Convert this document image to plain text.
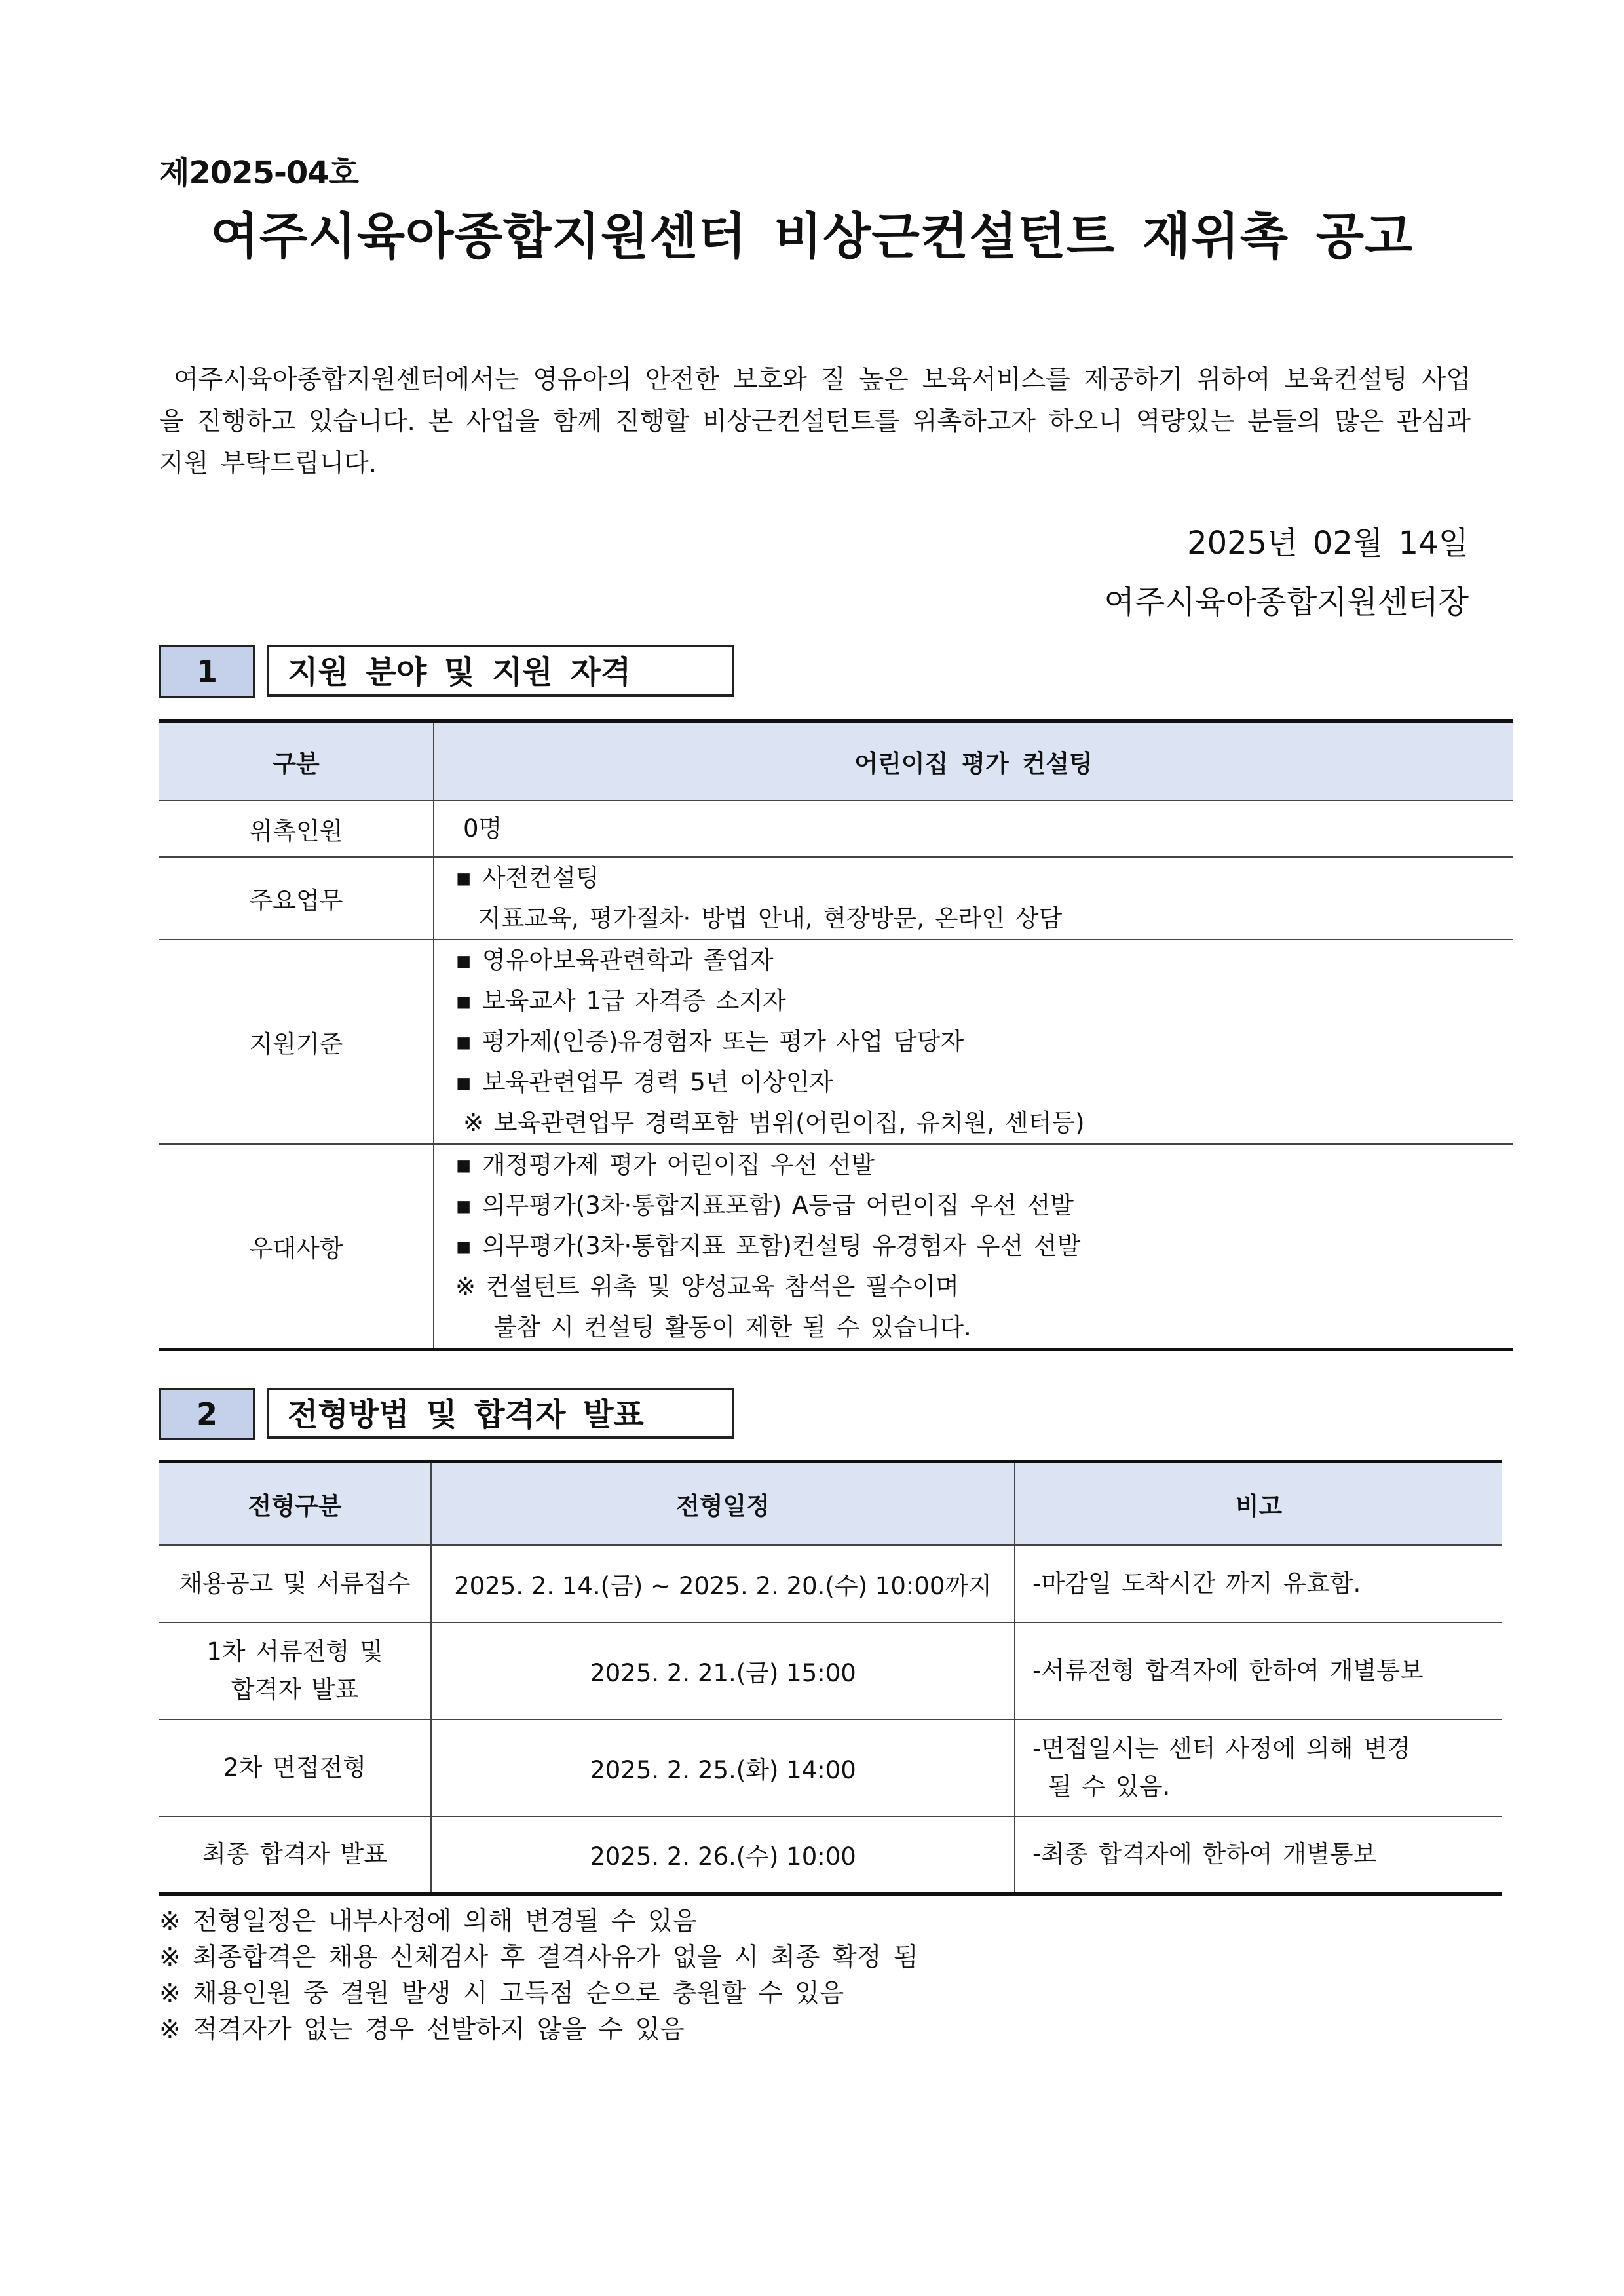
제2025-04호
여주시육아종합지원센터 비상근컨설턴트 재위촉 공고
여주시육아종합지원센터에서는 영유아의 안전한 보호와 질 높은 보육서비스를 제공하기 위하여 보육컨설팅 사업을 진행하고 있습니다. 본 사업을 함께 진행할 비상근컨설턴트를 위촉하고자 하오니 역량있는 분들의 많은 관심과 지원 부탁드립니다.
2025년 02월 14일
여주시육아종합지원센터장
1	지원 분야 및 지원 자격
구분	어린이집 평가 컨설팅
위촉인원	0명

주요업무	▪ 사전컨설팅
지표교육, 평가절차· 방법 안내, 현장방문, 온라인 상담

지원기준	▪ 영유아보육관련학과 졸업자
▪ 보육교사 1급 자격증 소지자
▪ 평가제(인증)유경험자 또는 평가 사업 담당자
▪ 보육관련업무 경력 5년 이상인자
※ 보육관련업무 경력포함 범위(어린이집, 유치원, 센터등)

우대사항	▪ 개정평가제 평가 어린이집 우선 선발
▪ 의무평가(3차·통합지표포함) A등급 어린이집 우선 선발
▪ 의무평가(3차·통합지표 포함)컨설팅 유경험자 우선 선발
※ 컨설턴트 위촉 및 양성교육 참석은 필수이며
불참 시 컨설팅 활동이 제한 될 수 있습니다.
2	전형방법 및 합격자 발표
전형구분	전형일정	비고

채용공고 및 서류접수	2025. 2. 14.(금) ~ 2025. 2. 20.(수) 10:00까지	-마감일 도착시간 까지 유효함.

1차 서류전형 및
합격자 발표	2025. 2. 21.(금) 15:00	-서류전형 합격자에 한하여 개별통보

2차 면접전형	2025. 2. 25.(화) 14:00	-면접일시는 센터 사정에 의해 변경
될 수 있음.

최종 합격자 발표	2025. 2. 26.(수) 10:00	-최종 합격자에 한하여 개별통보
※ 전형일정은 내부사정에 의해 변경될 수 있음
※ 최종합격은 채용 신체검사 후 결격사유가 없을 시 최종 확정 됨
※ 채용인원 중 결원 발생 시 고득점 순으로 충원할 수 있음
※ 적격자가 없는 경우 선발하지 않을 수 있음
